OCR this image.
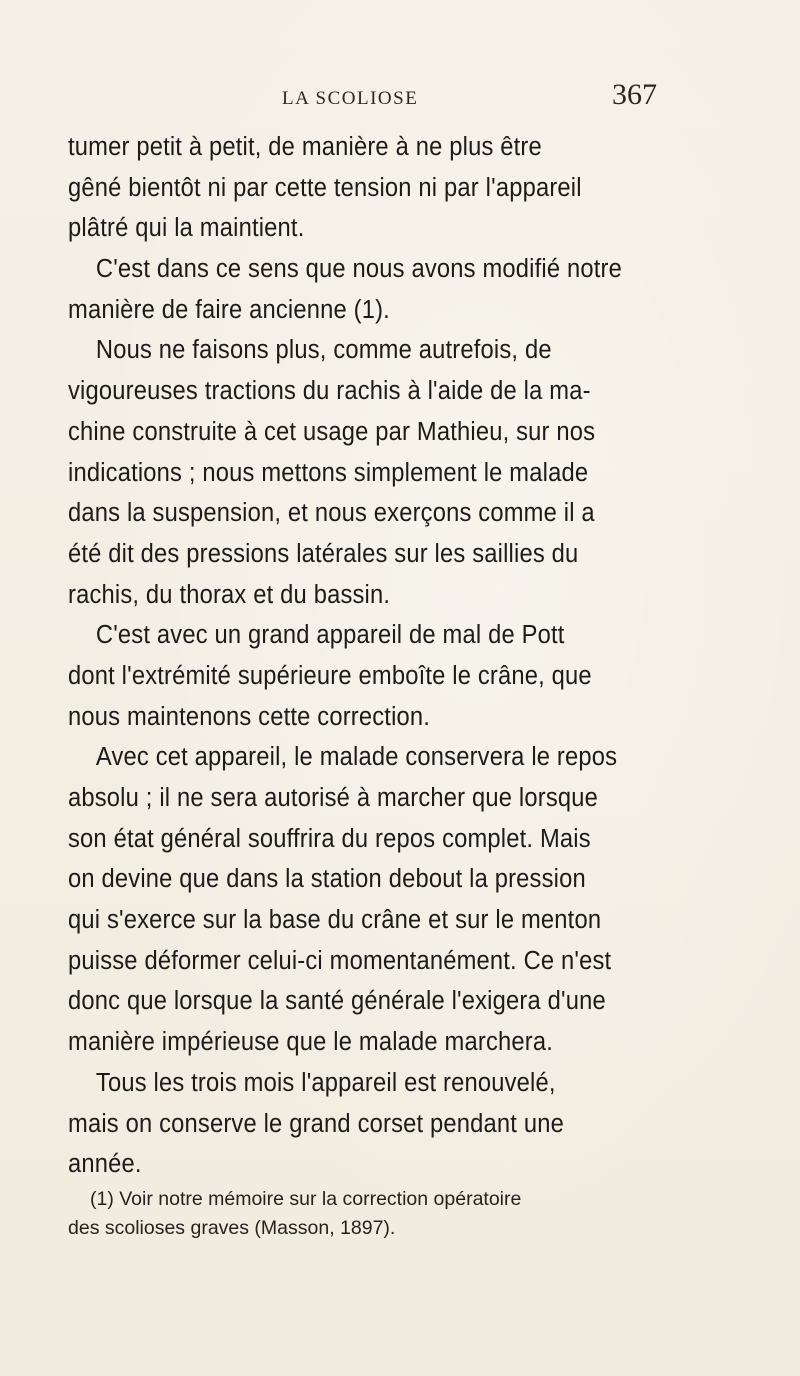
LA SCOLIOSE	367
tumer petit à petit, de manière à ne plus être
gêné bientôt ni par cette tension ni par l'appareil
plâtré qui la maintient.
C'est dans ce sens que nous avons modifié notre
manière de faire ancienne (1).
Nous ne faisons plus, comme autrefois, de
vigoureuses tractions du rachis à l'aide de la ma-
chine construite à cet usage par Mathieu, sur nos
indications ; nous mettons simplement le malade
dans la suspension, et nous exerçons comme il a
été dit des pressions latérales sur les saillies du
rachis, du thorax et du bassin.
C'est avec un grand appareil de mal de Pott
dont l'extrémité supérieure emboîte le crâne, que
nous maintenons cette correction.
Avec cet appareil, le malade conservera le repos
absolu ; il ne sera autorisé à marcher que lorsque
son état général souffrira du repos complet. Mais
on devine que dans la station debout la pression
qui s'exerce sur la base du crâne et sur le menton
puisse déformer celui-ci momentanément. Ce n'est
donc que lorsque la santé générale l'exigera d'une
manière impérieuse que le malade marchera.
Tous les trois mois l'appareil est renouvelé,
mais on conserve le grand corset pendant une
année.
(1) Voir notre mémoire sur la correction opératoire
des scolioses graves (Masson, 1897).
